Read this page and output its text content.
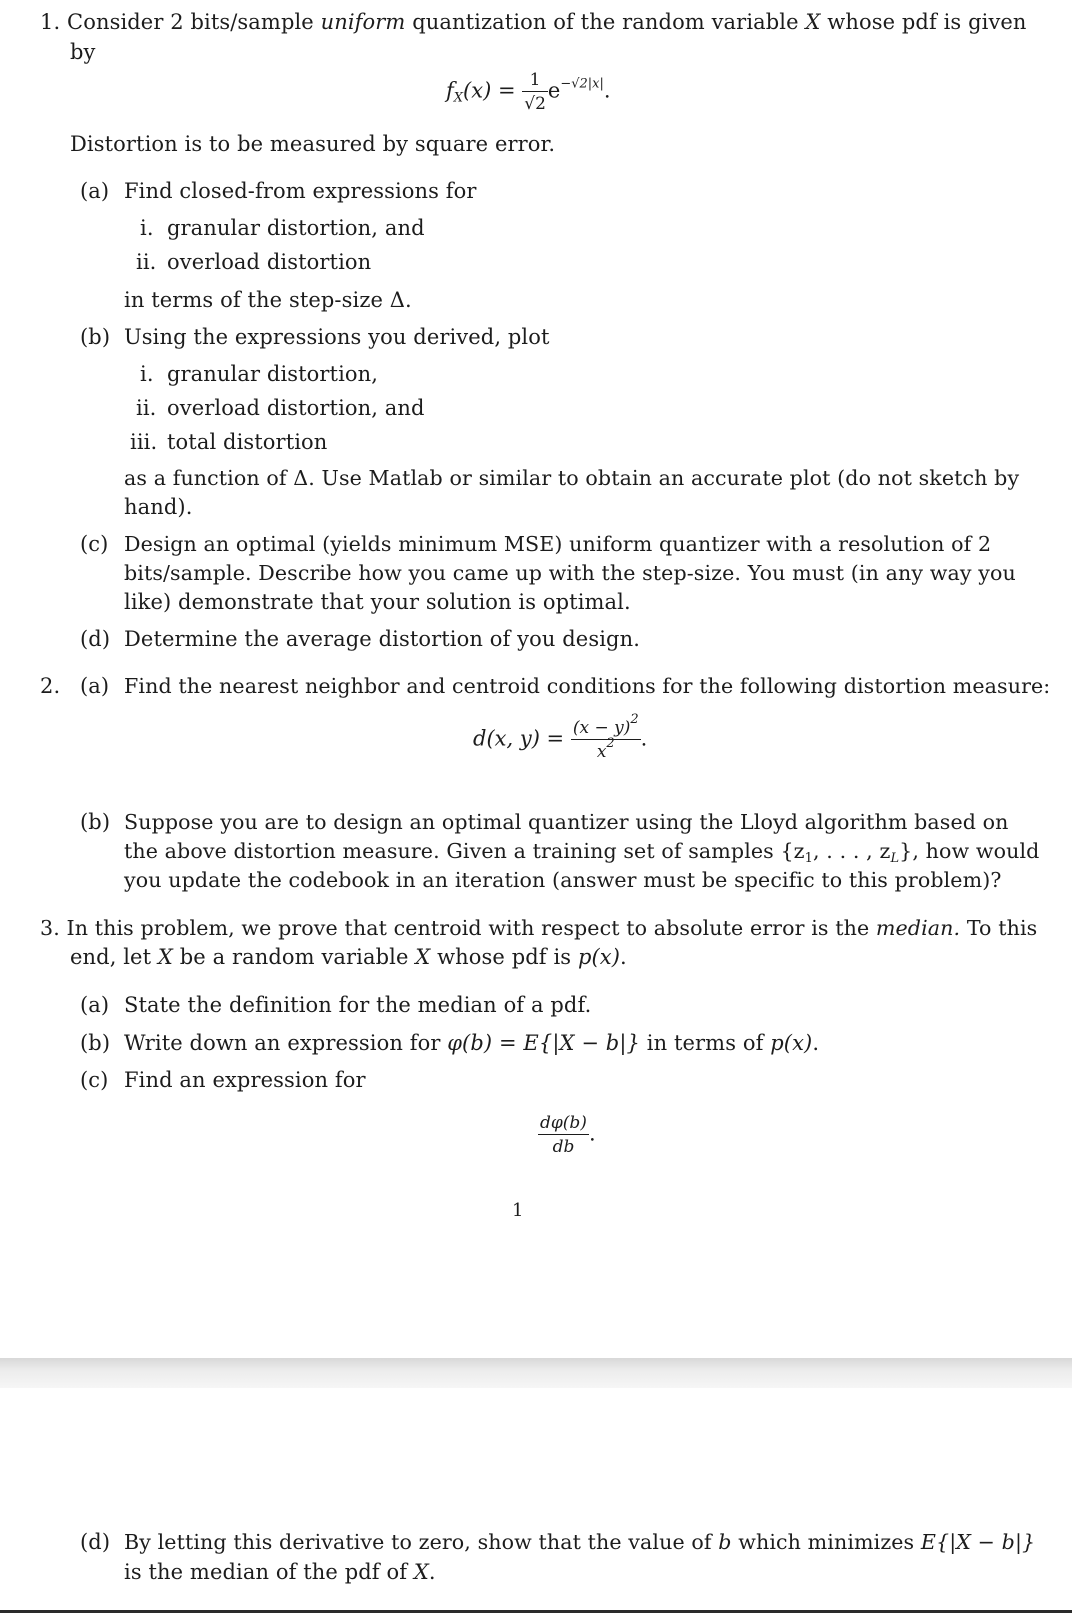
1. Consider 2 bits/sample uniform quantization of the random variable X whose pdf is given
by
$f_X(x) = \frac{1}{√2} e^{-√2|x|}$.
Distortion is to be measured by square error.
(a) Find closed-from expressions for
i. granular distortion, and
ii. overload distortion
in terms of the step-size Δ.
(b) Using the expressions you derived, plot
i. granular distortion,
ii. overload distortion, and
iii. total distortion
as a function of Δ. Use Matlab or similar to obtain an accurate plot (do not sketch by
hand).
(c) Design an optimal (yields minimum MSE) uniform quantizer with a resolution of 2
bits/sample. Describe how you came up with the step-size. You must (in any way you
like) demonstrate that your solution is optimal.
(d) Determine the average distortion of you design.
2. (a) Find the nearest neighbor and centroid conditions for the following distortion measure:
d(x, $y) = \frac{(x - y)^2}{x^2}$ .
(b) Suppose you are to design an optimal quantizer using the Lloyd algorithm based on
the above distortion measure. Given a training set of samples {$z_1$, . . . , $z_L$}, how would
you update the codebook in an iteration (answer must be specific to this problem)?
3. In this problem, we prove that centroid with respect to absolute error is the median. To this
end, let X be a random variable X whose pdf is p(x).
(a) State the definition for the median of a pdf.
(b) Write down an expression for φ(b) = E{|X − b|} in terms of p(x).
(c) Find an expression for
$\frac{d\varphi(b)}{db}$ .
1
(d) By letting this derivative to zero, show that the value of b which minimizes E{|X − b|}
is the median of the pdf of X.
